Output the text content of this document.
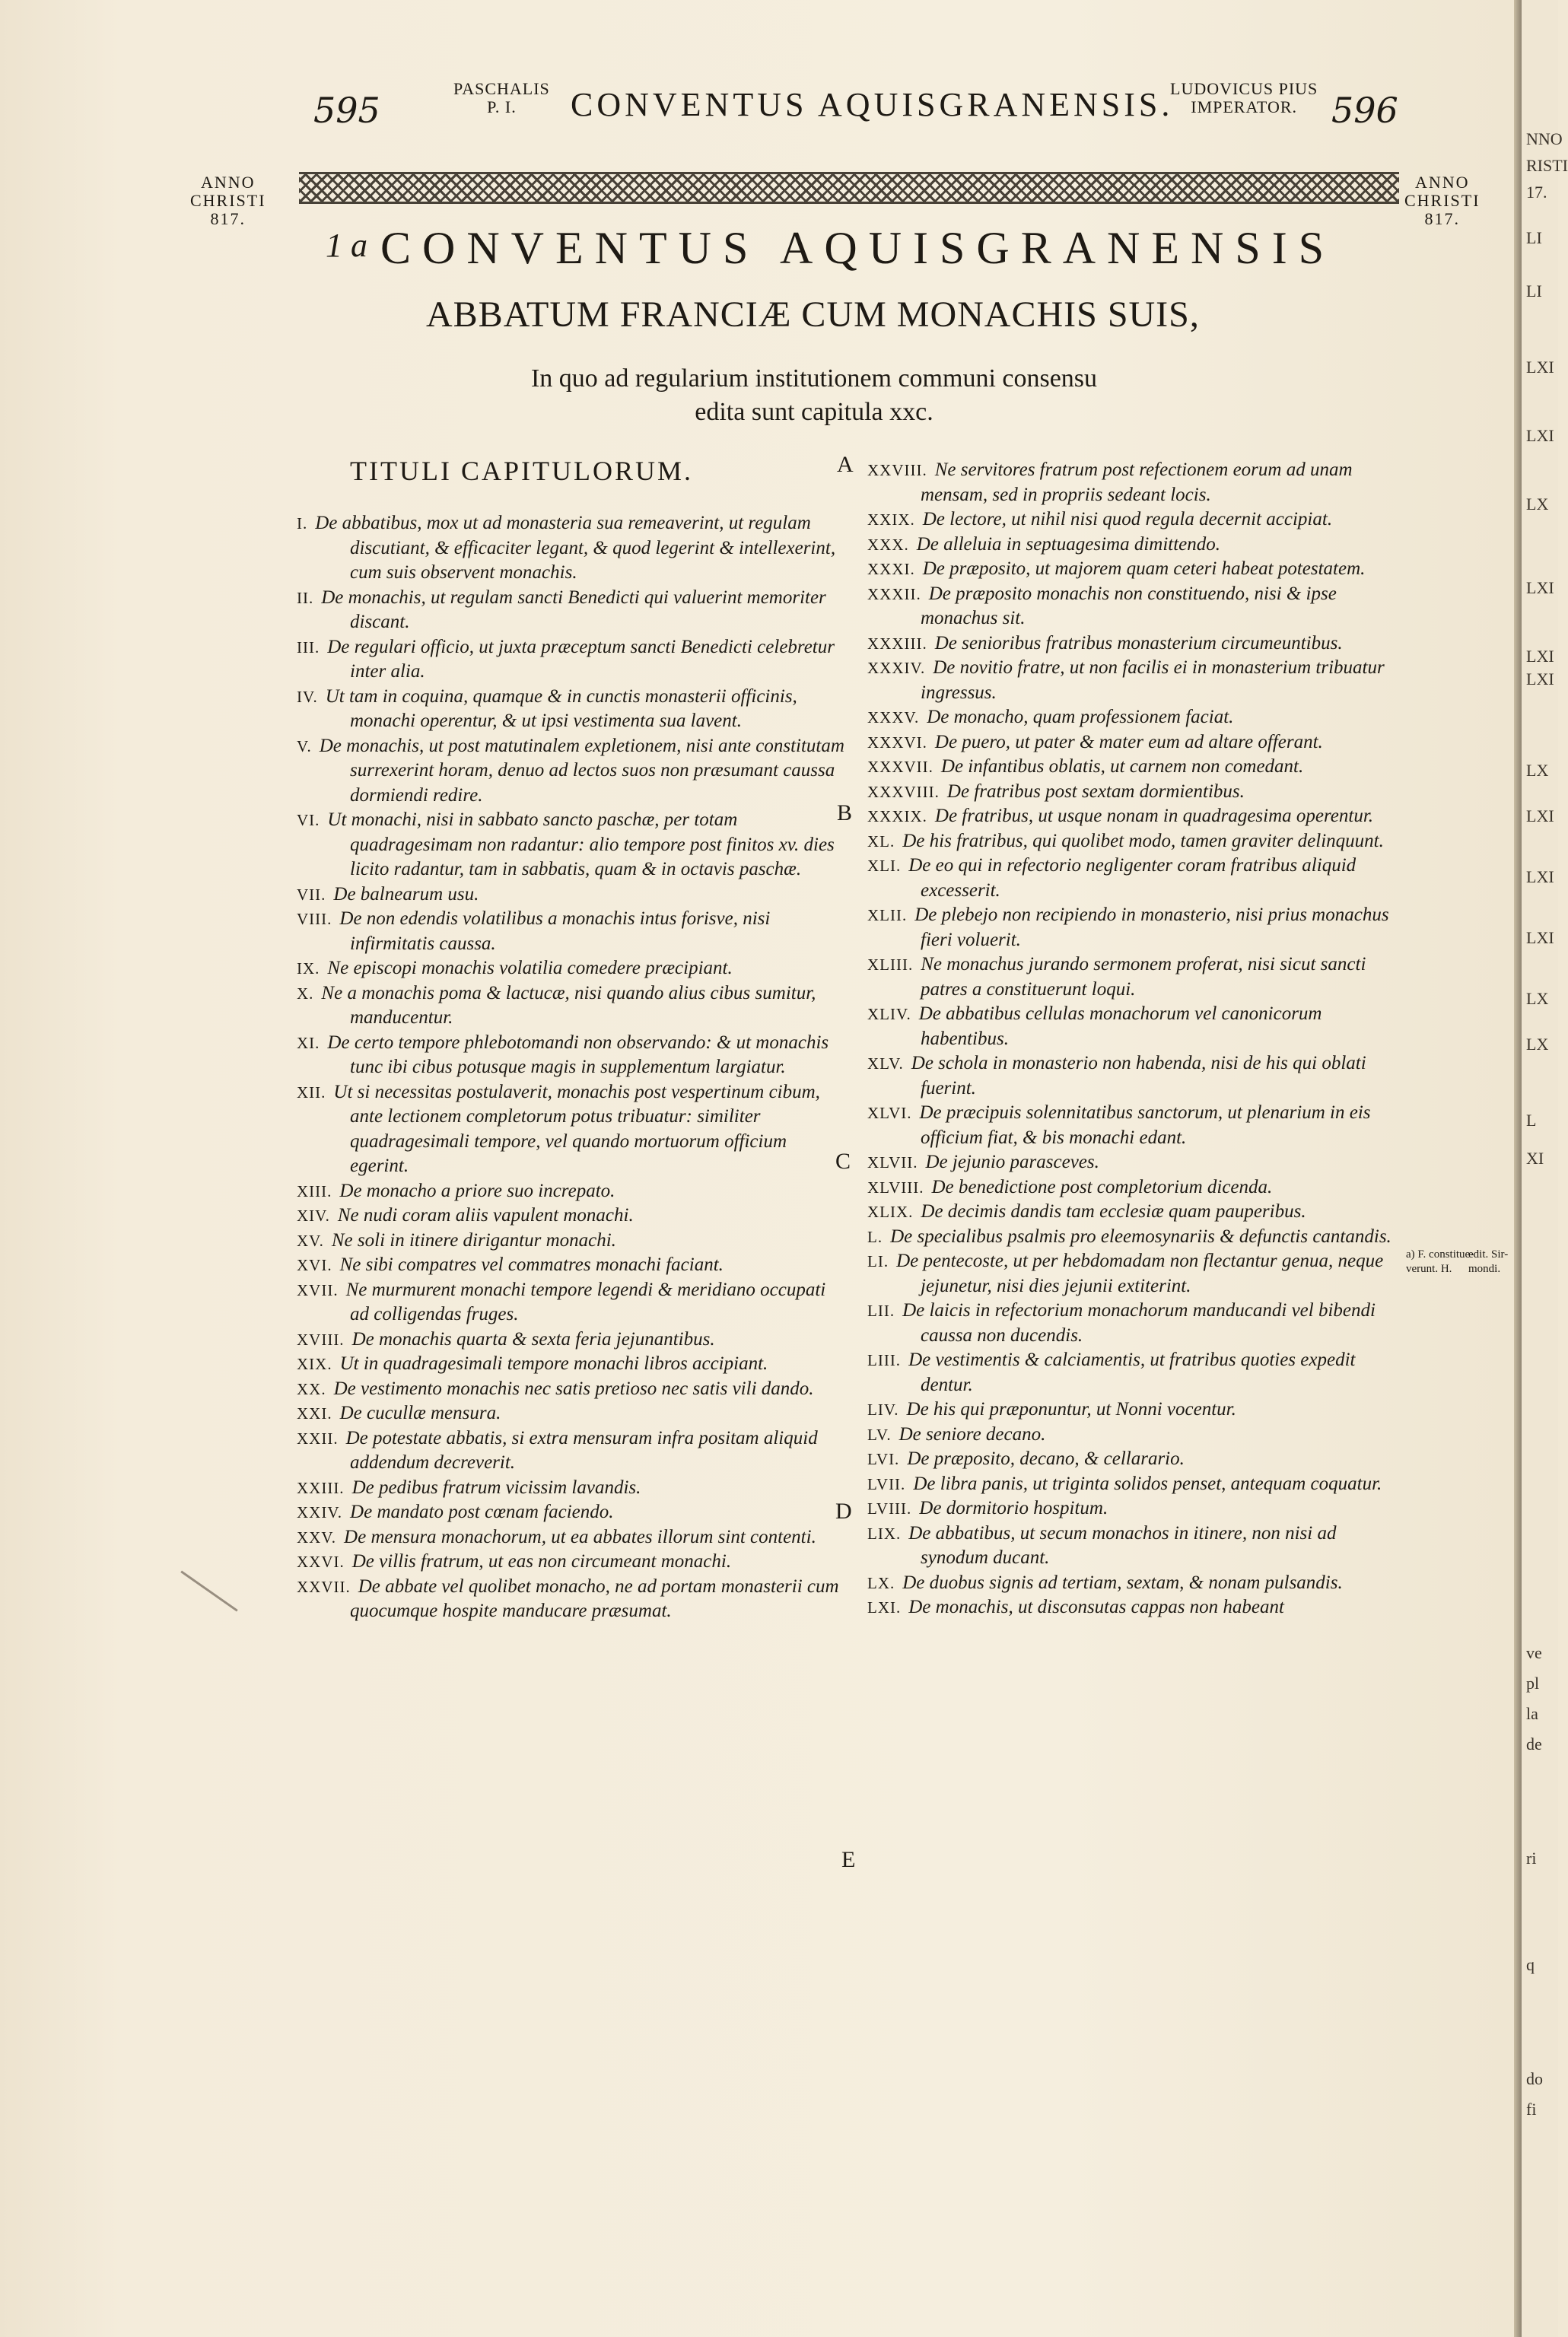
595
PASCHALIS
P. I.	CONVENTUS AQUISGRANENSIS.
LUDOVICUS PIUS
IMPERATOR. 596
ANNO
CHRISTI
817.
ANNO
CHRISTI
817.
1 a CONVENTUS AQUISGRANENSIS
ABBATUM FRANCIÆ CUM MONACHIS SUIS,
In quo ad regularium institutionem communi consensu
edita sunt capitula xxc.
TITULI CAPITULORUM.
I. De abbatibus, mox ut ad monasteria sua remeaverint, ut regulam discutiant, & efficaciter legant, & quod legerint & intellexerint, cum suis observent monachis.
II. De monachis, ut regulam sancti Benedicti qui valuerint memoriter discant.
III. De regulari officio, ut juxta præceptum sancti Benedicti celebretur inter alia.
IV. Ut tam in coquina, quamque & in cunctis monasterii officinis, monachi operentur, & ut ipsi vestimenta sua lavent.
V. De monachis, ut post matutinalem expletionem, nisi ante constitutam surrexerint horam, denuo ad lectos suos non præsumant caussa dormiendi redire.
VI. Ut monachi, nisi in sabbato sancto paschæ, per totam quadragesimam non radantur: alio tempore post finitos xv. dies licito radantur, tam in sabbatis, quam & in octavis paschæ.
VII. De balnearum usu.
VIII. De non edendis volatilibus a monachis intus forisve, nisi infirmitatis caussa.
IX. Ne episcopi monachis volatilia comedere præcipiant.
X. Ne a monachis poma & lactucæ, nisi quando alius cibus sumitur, manducentur.
XI. De certo tempore phlebotomandi non observando: & ut monachis tunc ibi cibus potusque magis in supplementum largiatur.
XII. Ut si necessitas postulaverit, monachis post vespertinum cibum, ante lectionem completorum potus tribuatur: similiter quadragesimali tempore, vel quando mortuorum officium egerint.
XIII. De monacho a priore suo increpato.
XIV. Ne nudi coram aliis vapulent monachi.
XV. Ne soli in itinere dirigantur monachi.
XVI. Ne sibi compatres vel commatres monachi faciant.
XVII. Ne murmurent monachi tempore legendi & meridiano occupati ad colligendas fruges.
XVIII. De monachis quarta & sexta feria jejunantibus.
XIX. Ut in quadragesimali tempore monachi libros accipiant.
XX. De vestimento monachis nec satis pretioso nec satis vili dando.
XXI. De cucullæ mensura.
XXII. De potestate abbatis, si extra mensuram infra positam aliquid addendum decreverit.
XXIII. De pedibus fratrum vicissim lavandis.
XXIV. De mandato post cœnam faciendo.
XXV. De mensura monachorum, ut ea abbates illorum sint contenti.
XXVI. De villis fratrum, ut eas non circumeant monachi.
XXVII. De abbate vel quolibet monacho, ne ad portam monasterii cum quocumque hospite manducare præsumat.
XXVIII. Ne servitores fratrum post refectionem eorum ad unam mensam, sed in propriis sedeant locis.
XXIX. De lectore, ut nihil nisi quod regula decernit accipiat.
XXX. De alleluia in septuagesima dimittendo.
XXXI. De præposito, ut majorem quam ceteri habeat potestatem.
XXXII. De præposito monachis non constituendo, nisi & ipse monachus sit.
XXXIII. De senioribus fratribus monasterium circumeuntibus.
XXXIV. De novitio fratre, ut non facilis ei in monasterium tribuatur ingressus.
XXXV. De monacho, quam professionem faciat.
XXXVI. De puero, ut pater & mater eum ad altare offerant.
XXXVII. De infantibus oblatis, ut carnem non comedant.
XXXVIII. De fratribus post sextam dormientibus.
XXXIX. De fratribus, ut usque nonam in quadragesima operentur.
XL. De his fratribus, qui quolibet modo, tamen graviter delinquunt.
XLI. De eo qui in refectorio negligenter coram fratribus aliquid excesserit.
XLII. De plebejo non recipiendo in monasterio, nisi prius monachus fieri voluerit.
XLIII. Ne monachus jurando sermonem proferat, nisi sicut sancti patres a constituerunt loqui.
XLIV. De abbatibus cellulas monachorum vel canonicorum habentibus.
XLV. De schola in monasterio non habenda, nisi de his qui oblati fuerint.
XLVI. De præcipuis solennitatibus sanctorum, ut plenarium in eis officium fiat, & bis monachi edant.
XLVII. De jejunio parasceves.
XLVIII. De benedictione post completorium dicenda.
XLIX. De decimis dandis tam ecclesiæ quam pauperibus.
L. De specialibus psalmis pro eleemosynariis & defunctis cantandis.
LI. De pentecoste, ut per hebdomadam non flectantur genua, neque jejunetur, nisi dies jejunii extiterint.
LII. De laicis in refectorium monachorum manducandi vel bibendi caussa non ducendis.
LIII. De vestimentis & calciamentis, ut fratribus quoties expedit dentur.
LIV. De his qui præponuntur, ut Nonni vocentur.
LV. De seniore decano.
LVI. De præposito, decano, & cellarario.
LVII. De libra panis, ut triginta solidos penset, antequam coquatur.
LVIII. De dormitorio hospitum.
LIX. De abbatibus, ut secum monachos in itinere, non nisi ad synodum ducant.
LX. De duobus signis ad tertiam, sextam, & nonam pulsandis.
LXI. De monachis, ut disconsutas cappas non habeant
A
B
C
D
E
a) F. constitue-
verunt. H.
edit. Sir-
mondi.
NNO
RISTI
17.
LI
LI
LXI
LXI
LX
LXI
LXI
LXI
LX
LXI
LXI
LXI
LX
LX
L
XI
ve
pl
la
de
ri
q
do
fi
